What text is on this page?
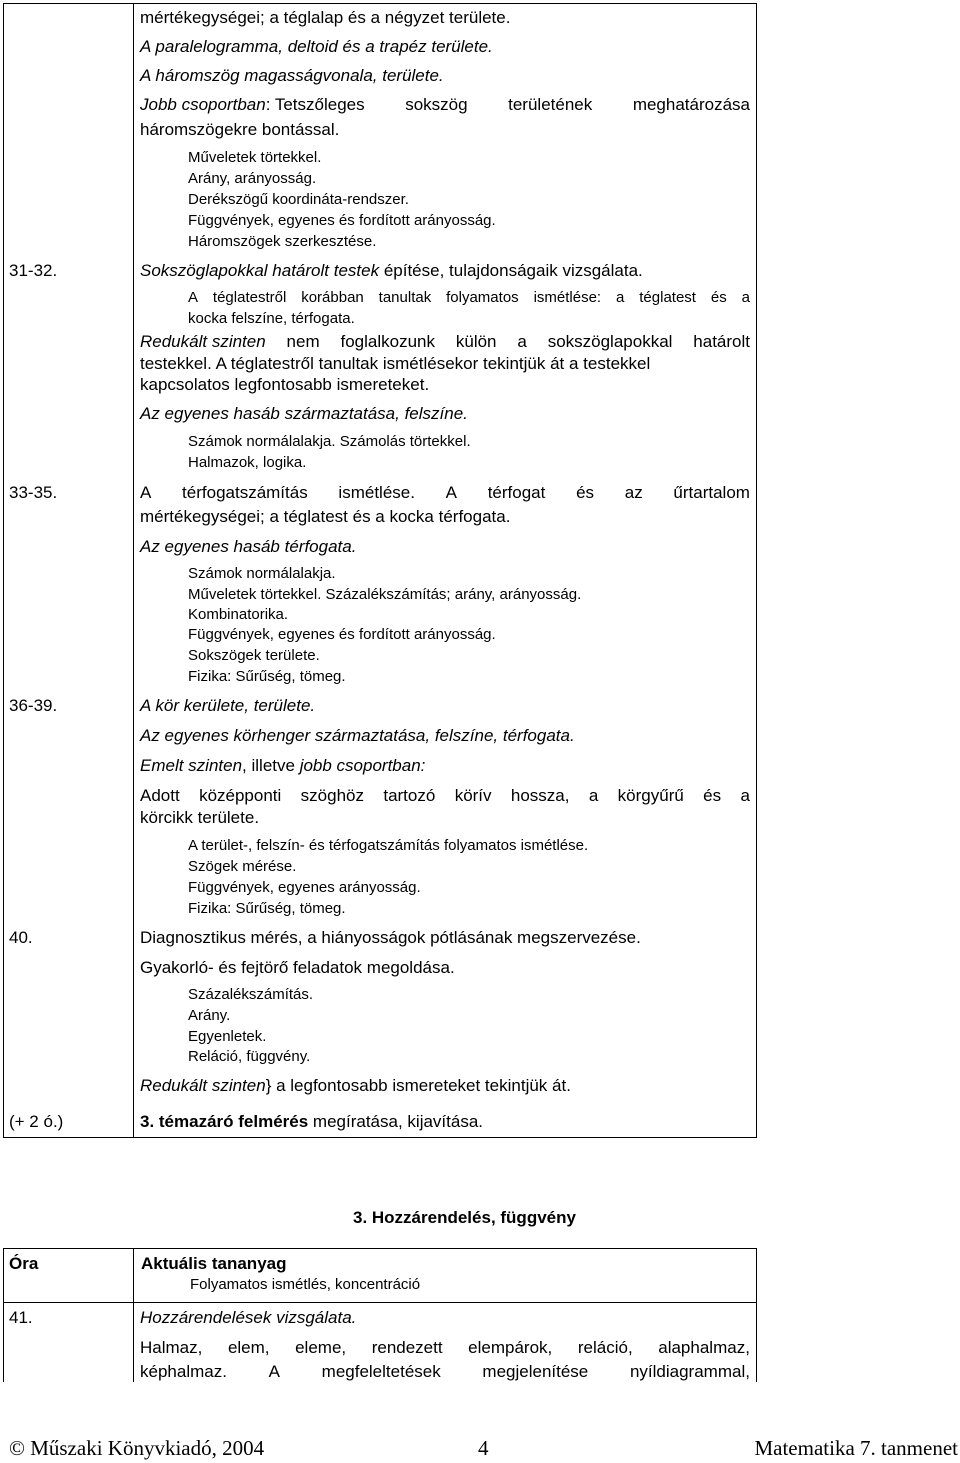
mértékegységei; a téglalap és a négyzet területe.
A paralelogramma, deltoid és a trapéz területe.
A háromszög magasságvonala, területe.
Jobb csoportban: Tetszőleges sokszög területének meghatározása
háromszögekre bontással.
Műveletek törtekkel.
Arány, arányosság.
Derékszögű koordináta-rendszer.
Függvények, egyenes és fordított arányosság.
Háromszögek szerkesztése.
31-32.	Sokszöglapokkal határolt testek építése, tulajdonságaik vizsgálata.
A téglatestről korábban tanultak folyamatos ismétlése: a téglatest és a
kocka felszíne, térfogata.
Redukált szinten nem foglalkozunk külön a sokszöglapokkal határolt
testekkel. A téglatestről tanultak ismétlésekor tekintjük át a testekkel
kapcsolatos legfontosabb ismereteket.
Az egyenes hasáb származtatása, felszíne.
Számok normálalakja. Számolás törtekkel.
Halmazok, logika.
33-35.	A térfogatszámítás ismétlése. A térfogat és az űrtartalom
mértékegységei; a téglatest és a kocka térfogata.
Az egyenes hasáb térfogata.
Számok normálalakja.
Műveletek törtekkel. Százalékszámítás; arány, arányosság.
Kombinatorika.
Függvények, egyenes és fordított arányosság.
Sokszögek területe.
Fizika: Sűrűség, tömeg.
36-39.	A kör kerülete, területe.
Az egyenes körhenger származtatása, felszíne, térfogata.
Emelt szinten, illetve jobb csoportban:
Adott középponti szöghöz tartozó körív hossza, a körgyűrű és a
körcikk területe.
A terület-, felszín- és térfogatszámítás folyamatos ismétlése.
Szögek mérése.
Függvények, egyenes arányosság.
Fizika: Sűrűség, tömeg.
40.	Diagnosztikus mérés, a hiányosságok pótlásának megszervezése.
Gyakorló- és fejtörő feladatok megoldása.
Százalékszámítás.
Arány.
Egyenletek.
Reláció, függvény.
Redukált szinten} a legfontosabb ismereteket tekintjük át.
(+ 2 ó.)	3. témazáró felmérés megíratása, kijavítása.
3. Hozzárendelés, függvény
Óra	Aktuális tananyag
Folyamatos ismétlés, koncentráció
41.	Hozzárendelések vizsgálata.
Halmaz, elem, eleme, rendezett elempárok, reláció, alaphalmaz,
képhalmaz. A megfeleltetések megjelenítése nyíldiagrammal,
© Műszaki Könyvkiadó, 2004	4	Matematika 7. tanmenet
